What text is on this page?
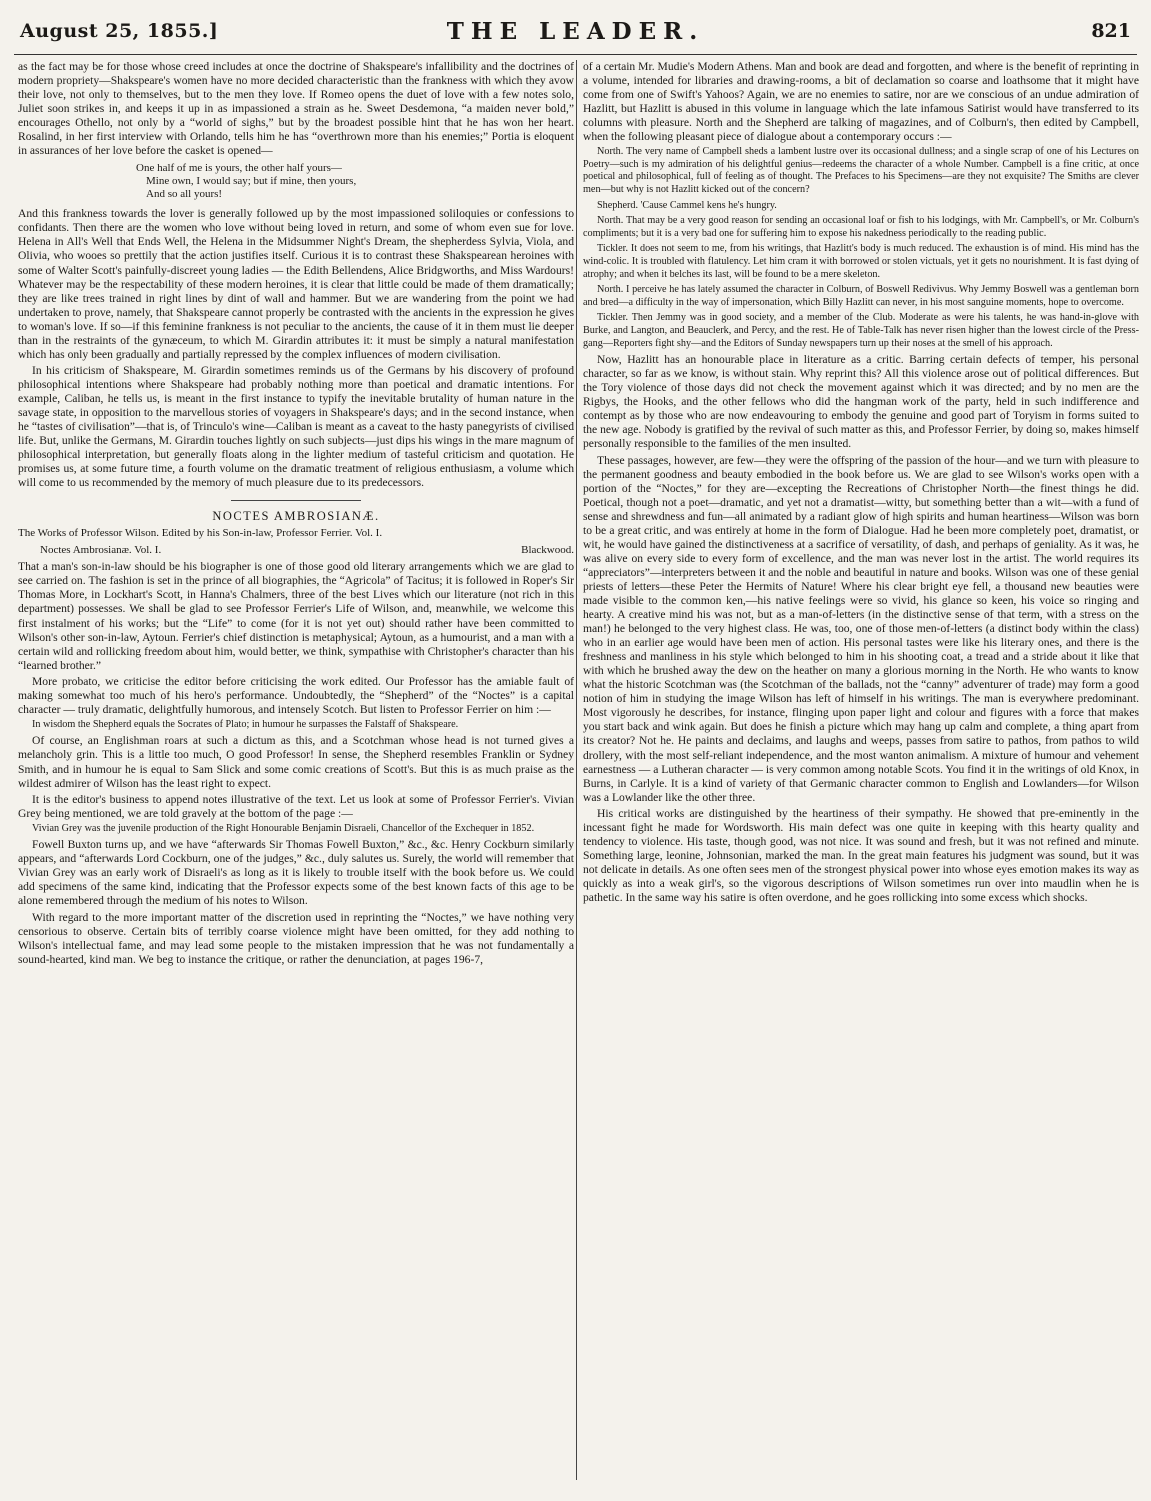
August 25, 1855.]	THE LEADER.	821

as the fact may be for those whose creed includes at once the doctrine of Shakspeare's infallibility and the doctrines of modern propriety—Shakspeare's women have no more decided characteristic than the frankness with which they avow their love, not only to themselves, but to the men they love. If Romeo opens the duet of love with a few notes solo, Juliet soon strikes in, and keeps it up in as impassioned a strain as he. Sweet Desdemona, “a maiden never bold,” encourages Othello, not only by a “world of sighs,” but by the broadest possible hint that he has won her heart. Rosalind, in her first interview with Orlando, tells him he has “overthrown more than his enemies;” Portia is eloquent in assurances of her love before the casket is opened—

One half of me is yours, the other half yours—
Mine own, I would say; but if mine, then yours,
And so all yours!

And this frankness towards the lover is generally followed up by the most impassioned soliloquies or confessions to confidants. Then there are the women who love without being loved in return, and some of whom even sue for love. Helena in All's Well that Ends Well, the Helena in the Midsummer Night's Dream, the shepherdess Sylvia, Viola, and Olivia, who wooes so prettily that the action justifies itself. Curious it is to contrast these Shakspearean heroines with some of Walter Scott's painfully-discreet young ladies — the Edith Bellendens, Alice Bridgworths, and Miss Wardours! Whatever may be the respectability of these modern heroines, it is clear that little could be made of them dramatically; they are like trees trained in right lines by dint of wall and hammer. But we are wandering from the point we had undertaken to prove, namely, that Shakspeare cannot properly be contrasted with the ancients in the expression he gives to woman's love. If so—if this feminine frankness is not peculiar to the ancients, the cause of it in them must lie deeper than in the restraints of the gynæceum, to which M. Girardin attributes it: it must be simply a natural manifestation which has only been gradually and partially repressed by the complex influences of modern civilisation.

In his criticism of Shakspeare, M. Girardin sometimes reminds us of the Germans by his discovery of profound philosophical intentions where Shakspeare had probably nothing more than poetical and dramatic intentions. For example, Caliban, he tells us, is meant in the first instance to typify the inevitable brutality of human nature in the savage state, in opposition to the marvellous stories of voyagers in Shakspeare's days; and in the second instance, when he “tastes of civilisation”—that is, of Trinculo's wine—Caliban is meant as a caveat to the hasty panegyrists of civilised life. But, unlike the Germans, M. Girardin touches lightly on such subjects—just dips his wings in the mare magnum of philosophical interpretation, but generally floats along in the lighter medium of tasteful criticism and quotation. He promises us, at some future time, a fourth volume on the dramatic treatment of religious enthusiasm, a volume which will come to us recommended by the memory of much pleasure due to its predecessors.

NOCTES AMBROSIANÆ.
The Works of Professor Wilson. Edited by his Son-in-law, Professor Ferrier. Vol. I.
Noctes Ambrosianæ. Vol. I.	Blackwood.

That a man's son-in-law should be his biographer is one of those good old literary arrangements which we are glad to see carried on. The fashion is set in the prince of all biographies, the “Agricola” of Tacitus; it is followed in Roper's Sir Thomas More, in Lockhart's Scott, in Hanna's Chalmers, three of the best Lives which our literature (not rich in this department) possesses. We shall be glad to see Professor Ferrier's Life of Wilson, and, meanwhile, we welcome this first instalment of his works; but the “Life” to come (for it is not yet out) should rather have been committed to Wilson's other son-in-law, Aytoun. Ferrier's chief distinction is metaphysical; Aytoun, as a humourist, and a man with a certain wild and rollicking freedom about him, would better, we think, sympathise with Christopher's character than his “learned brother.”

More probato, we criticise the editor before criticising the work edited. Our Professor has the amiable fault of making somewhat too much of his hero's performance. Undoubtedly, the “Shepherd” of the “Noctes” is a capital character — truly dramatic, delightfully humorous, and intensely Scotch. But listen to Professor Ferrier on him :—

In wisdom the Shepherd equals the Socrates of Plato; in humour he surpasses the Falstaff of Shakspeare.

Of course, an Englishman roars at such a dictum as this, and a Scotchman whose head is not turned gives a melancholy grin. This is a little too much, O good Professor! In sense, the Shepherd resembles Franklin or Sydney Smith, and in humour he is equal to Sam Slick and some comic creations of Scott's. But this is as much praise as the wildest admirer of Wilson has the least right to expect.

It is the editor's business to append notes illustrative of the text. Let us look at some of Professor Ferrier's. Vivian Grey being mentioned, we are told gravely at the bottom of the page :—

Vivian Grey was the juvenile production of the Right Honourable Benjamin Disraeli, Chancellor of the Exchequer in 1852.

Fowell Buxton turns up, and we have “afterwards Sir Thomas Fowell Buxton,” &c., &c. Henry Cockburn similarly appears, and “afterwards Lord Cockburn, one of the judges,” &c., duly salutes us. Surely, the world will remember that Vivian Grey was an early work of Disraeli's as long as it is likely to trouble itself with the book before us. We could add specimens of the same kind, indicating that the Professor expects some of the best known facts of this age to be alone remembered through the medium of his notes to Wilson.

With regard to the more important matter of the discretion used in reprinting the “Noctes,” we have nothing very censorious to observe. Certain bits of terribly coarse violence might have been omitted, for they add nothing to Wilson's intellectual fame, and may lead some people to the mistaken impression that he was not fundamentally a sound-hearted, kind man. We beg to instance the critique, or rather the denunciation, at pages 196-7,

of a certain Mr. Mudie's Modern Athens. Man and book are dead and forgotten, and where is the benefit of reprinting in a volume, intended for libraries and drawing-rooms, a bit of declamation so coarse and loathsome that it might have come from one of Swift's Yahoos? Again, we are no enemies to satire, nor are we conscious of an undue admiration of Hazlitt, but Hazlitt is abused in this volume in language which the late infamous Satirist would have transferred to its columns with pleasure. North and the Shepherd are talking of magazines, and of Colburn's, then edited by Campbell, when the following pleasant piece of dialogue about a contemporary occurs :—

North. The very name of Campbell sheds a lambent lustre over its occasional dullness; and a single scrap of one of his Lectures on Poetry—such is my admiration of his delightful genius—redeems the character of a whole Number. Campbell is a fine critic, at once poetical and philosophical, full of feeling as of thought. The Prefaces to his Specimens—are they not exquisite? The Smiths are clever men—but why is not Hazlitt kicked out of the concern?

Shepherd. 'Cause Cammel kens he's hungry.

North. That may be a very good reason for sending an occasional loaf or fish to his lodgings, with Mr. Campbell's, or Mr. Colburn's compliments; but it is a very bad one for suffering him to expose his nakedness periodically to the reading public.

Tickler. It does not seem to me, from his writings, that Hazlitt's body is much reduced. The exhaustion is of mind. His mind has the wind-colic. It is troubled with flatulency. Let him cram it with borrowed or stolen victuals, yet it gets no nourishment. It is fast dying of atrophy; and when it belches its last, will be found to be a mere skeleton.

North. I perceive he has lately assumed the character in Colburn, of Boswell Redivivus. Why Jemmy Boswell was a gentleman born and bred—a difficulty in the way of impersonation, which Billy Hazlitt can never, in his most sanguine moments, hope to overcome.

Tickler. Then Jemmy was in good society, and a member of the Club. Moderate as were his talents, he was hand-in-glove with Burke, and Langton, and Beauclerk, and Percy, and the rest. He of Table-Talk has never risen higher than the lowest circle of the Press-gang—Reporters fight shy—and the Editors of Sunday newspapers turn up their noses at the smell of his approach.

Now, Hazlitt has an honourable place in literature as a critic. Barring certain defects of temper, his personal character, so far as we know, is without stain. Why reprint this? All this violence arose out of political differences. But the Tory violence of those days did not check the movement against which it was directed; and by no men are the Rigbys, the Hooks, and the other fellows who did the hangman work of the party, held in such indifference and contempt as by those who are now endeavouring to embody the genuine and good part of Toryism in forms suited to the new age. Nobody is gratified by the revival of such matter as this, and Professor Ferrier, by doing so, makes himself personally responsible to the families of the men insulted.

These passages, however, are few—they were the offspring of the passion of the hour—and we turn with pleasure to the permanent goodness and beauty embodied in the book before us. We are glad to see Wilson's works open with a portion of the “Noctes,” for they are—excepting the Recreations of Christopher North—the finest things he did. Poetical, though not a poet—dramatic, and yet not a dramatist—witty, but something better than a wit—with a fund of sense and shrewdness and fun—all animated by a radiant glow of high spirits and human heartiness—Wilson was born to be a great critic, and was entirely at home in the form of Dialogue. Had he been more completely poet, dramatist, or wit, he would have gained the distinctiveness at a sacrifice of versatility, of dash, and perhaps of geniality. As it was, he was alive on every side to every form of excellence, and the man was never lost in the artist. The world requires its “appreciators”—interpreters between it and the noble and beautiful in nature and books. Wilson was one of these genial priests of letters—these Peter the Hermits of Nature! Where his clear bright eye fell, a thousand new beauties were made visible to the common ken,—his native feelings were so vivid, his glance so keen, his voice so ringing and hearty. A creative mind his was not, but as a man-of-letters (in the distinctive sense of that term, with a stress on the man!) he belonged to the very highest class. He was, too, one of those men-of-letters (a distinct body within the class) who in an earlier age would have been men of action. His personal tastes were like his literary ones, and there is the freshness and manliness in his style which belonged to him in his shooting coat, a tread and a stride about it like that with which he brushed away the dew on the heather on many a glorious morning in the North. He who wants to know what the historic Scotchman was (the Scotchman of the ballads, not the “canny” adventurer of trade) may form a good notion of him in studying the image Wilson has left of himself in his writings. The man is everywhere predominant. Most vigorously he describes, for instance, flinging upon paper light and colour and figures with a force that makes you start back and wink again. But does he finish a picture which may hang up calm and complete, a thing apart from its creator? Not he. He paints and declaims, and laughs and weeps, passes from satire to pathos, from pathos to wild drollery, with the most self-reliant independence, and the most wanton animalism. A mixture of humour and vehement earnestness — a Lutheran character — is very common among notable Scots. You find it in the writings of old Knox, in Burns, in Carlyle. It is a kind of variety of that Germanic character common to English and Lowlanders—for Wilson was a Lowlander like the other three.

His critical works are distinguished by the heartiness of their sympathy. He showed that pre-eminently in the incessant fight he made for Wordsworth. His main defect was one quite in keeping with this hearty quality and tendency to violence. His taste, though good, was not nice. It was sound and fresh, but it was not refined and minute. Something large, leonine, Johnsonian, marked the man. In the great main features his judgment was sound, but it was not delicate in details. As one often sees men of the strongest physical power into whose eyes emotion makes its way as quickly as into a weak girl's, so the vigorous descriptions of Wilson sometimes run over into maudlin when he is pathetic. In the same way his satire is often overdone, and he goes rollicking into some excess which shocks.
